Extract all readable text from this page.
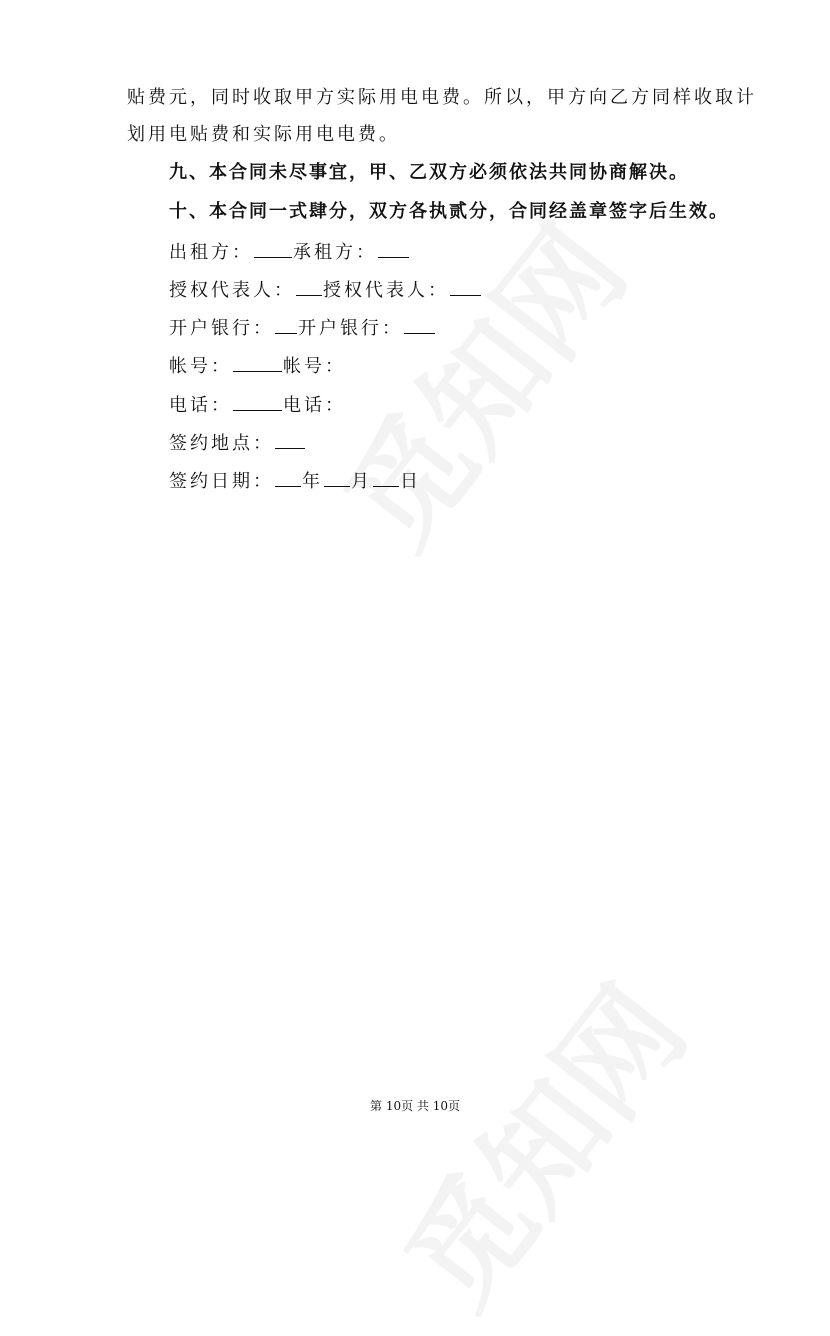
贴费元，同时收取甲方实际用电电费。所以，甲方向乙方同样收取计
划用电贴费和实际用电电费。
九、本合同未尽事宜，甲、乙双方必须依法共同协商解决。
十、本合同一式肆分，双方各执贰分，合同经盖章签字后生效。
出租方： 承租方：
授权代表人： 授权代表人：
开户银行： 开户银行：
帐号：	帐号：
电话：	电话：
签约地点：
签约日期： 年 月 日
第 10页 共 10页
